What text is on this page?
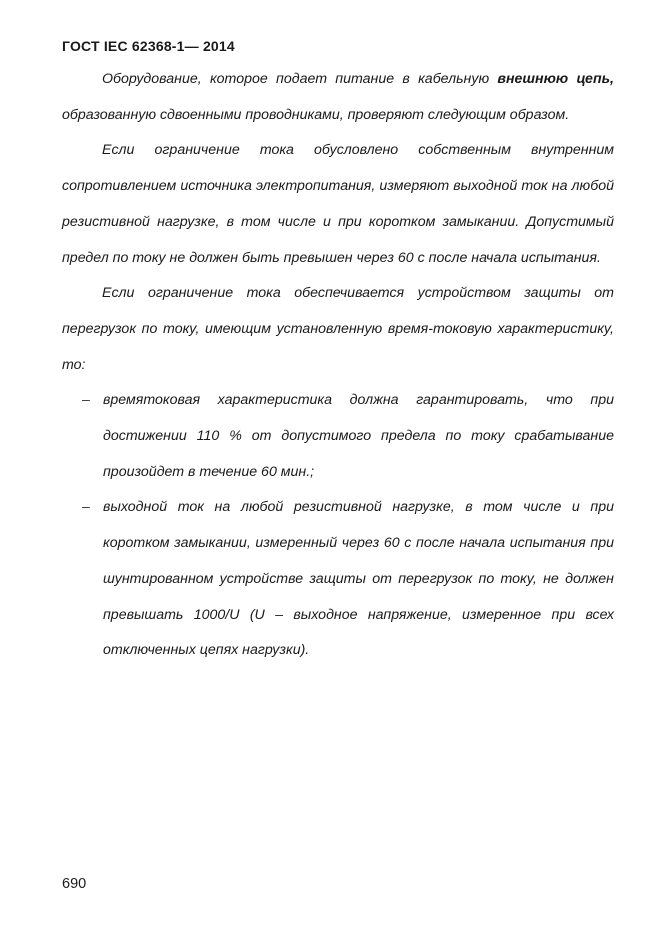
ГОСТ IEC 62368-1— 2014

Оборудование, которое подает питание в кабельную внешнюю цепь, образованную сдвоенными проводниками, проверяют следующим образом.

Если ограничение тока обусловлено собственным внутренним сопротивлением источника электропитания, измеряют выходной ток на любой резистивной нагрузке, в том числе и при коротком замыкании. Допустимый предел по току не должен быть превышен через 60 с после начала испытания.

Если ограничение тока обеспечивается устройством защиты от перегрузок по току, имеющим установленную время-токовую характеристику, то:

– времятоковая характеристика должна гарантировать, что при достижении 110 % от допустимого предела по току срабатывание произойдет в течение 60 мин.;

– выходной ток на любой резистивной нагрузке, в том числе и при коротком замыкании, измеренный через 60 с после начала испытания при шунтированном устройстве защиты от перегрузок по току, не должен превышать 1000/U (U – выходное напряжение, измеренное при всех отключенных цепях нагрузки).

690
